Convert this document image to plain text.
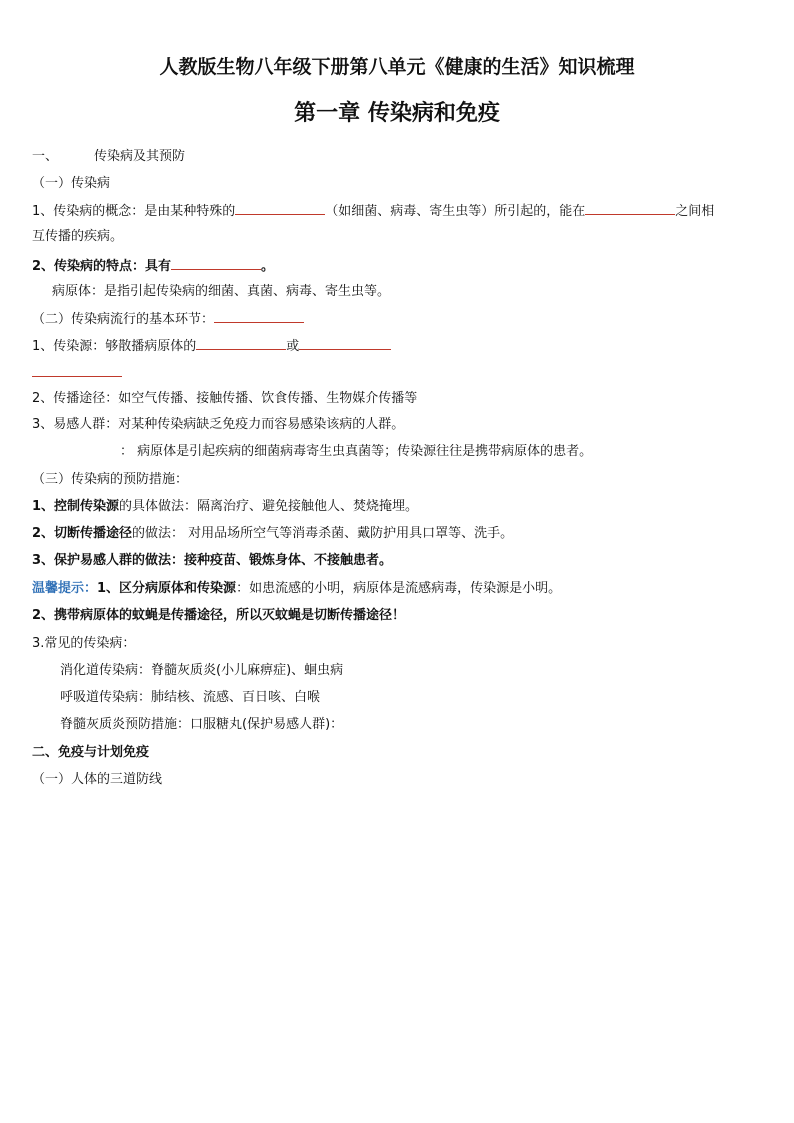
人教版生物八年级下册第八单元《健康的生活》知识梳理
第一章 传染病和免疫
一、	传染病及其预防
（一）传染病
1、传染病的概念：是由某种特殊的	（如细菌、病毒、寄生虫等）所引起的，能在	之间相
互传播的疾病。
2、传染病的特点：具有	。
病原体：是指引起传染病的细菌、真菌、病毒、寄生虫等。
（二）传染病流行的基本环节：
1、传染源：够散播病原体的	或
2、传播途径：如空气传播、接触传播、饮食传播、生物媒介传播等
3、易感人群：对某种传染病缺乏免疫力而容易感染该病的人群。
： 病原体是引起疾病的细菌病毒寄生虫真菌等；传染源往往是携带病原体的患者。
（三）传染病的预防措施：
1、控制传染源的具体做法：隔离治疗、避免接触他人、焚烧掩埋。
2、切断传播途径的做法： 对用品场所空气等消毒杀菌、戴防护用具口罩等、洗手。
3、保护易感人群的做法：接种疫苗、锻炼身体、不接触患者。
温馨提示：1、区分病原体和传染源：如患流感的小明，病原体是流感病毒，传染源是小明。
2、携带病原体的蚊蝇是传播途径，所以灭蚊蝇是切断传播途径！
3.常见的传染病：
消化道传染病：脊髓灰质炎(小儿麻痹症)、蛔虫病
呼吸道传染病：肺结核、流感、百日咳、白喉
脊髓灰质炎预防措施：口服糖丸(保护易感人群)：
二、免疫与计划免疫
（一）人体的三道防线
